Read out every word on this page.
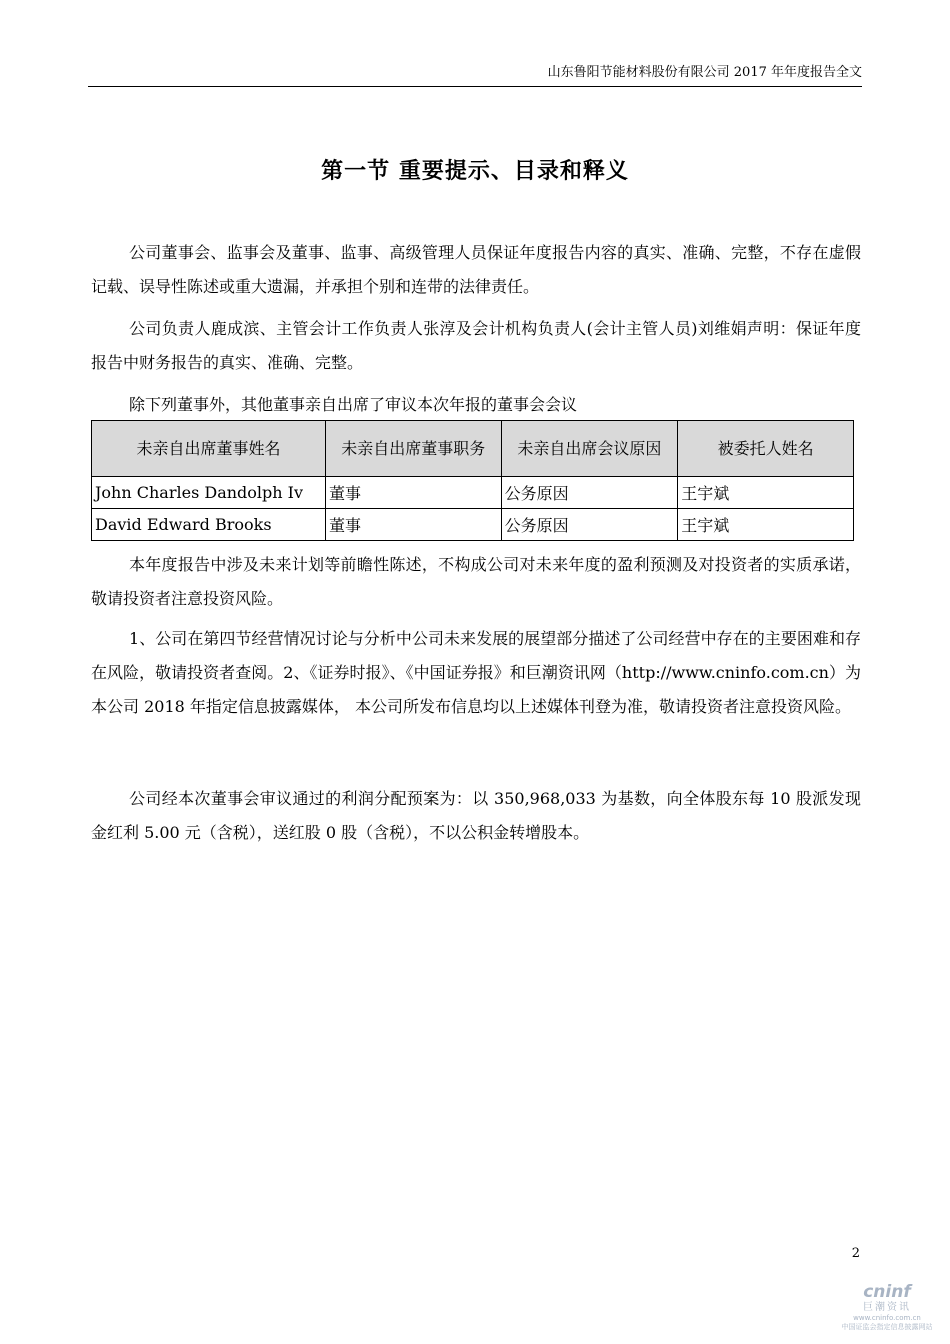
山东鲁阳节能材料股份有限公司 2017 年年度报告全文
第一节 重要提示、目录和释义

公司董事会、监事会及董事、监事、高级管理人员保证年度报告内容的真实、准确、完整，不存在虚假记载、误导性陈述或重大遗漏，并承担个别和连带的法律责任。

公司负责人鹿成滨、主管会计工作负责人张淳及会计机构负责人(会计主管人员)刘维娟声明：保证年度报告中财务报告的真实、准确、完整。

除下列董事外，其他董事亲自出席了审议本次年报的董事会会议

未亲自出席董事姓名	未亲自出席董事职务	未亲自出席会议原因	被委托人姓名
John Charles Dandolph Iv	董事	公务原因	王宇斌
David Edward Brooks	董事	公务原因	王宇斌

本年度报告中涉及未来计划等前瞻性陈述，不构成公司对未来年度的盈利预测及对投资者的实质承诺，敬请投资者注意投资风险。

1、公司在第四节经营情况讨论与分析中公司未来发展的展望部分描述了公司经营中存在的主要困难和存在风险，敬请投资者查阅。2、《证券时报》、《中国证券报》和巨潮资讯网（http://www.cninfo.com.cn）为本公司 2018 年指定信息披露媒体， 本公司所发布信息均以上述媒体刊登为准，敬请投资者注意投资风险。

公司经本次董事会审议通过的利润分配预案为：以 350,968,033 为基数，向全体股东每 10 股派发现金红利 5.00 元（含税），送红股 0 股（含税），不以公积金转增股本。

2
cninf
巨潮资讯
www.cninfo.com.cn
中国证监会指定信息披露网站
